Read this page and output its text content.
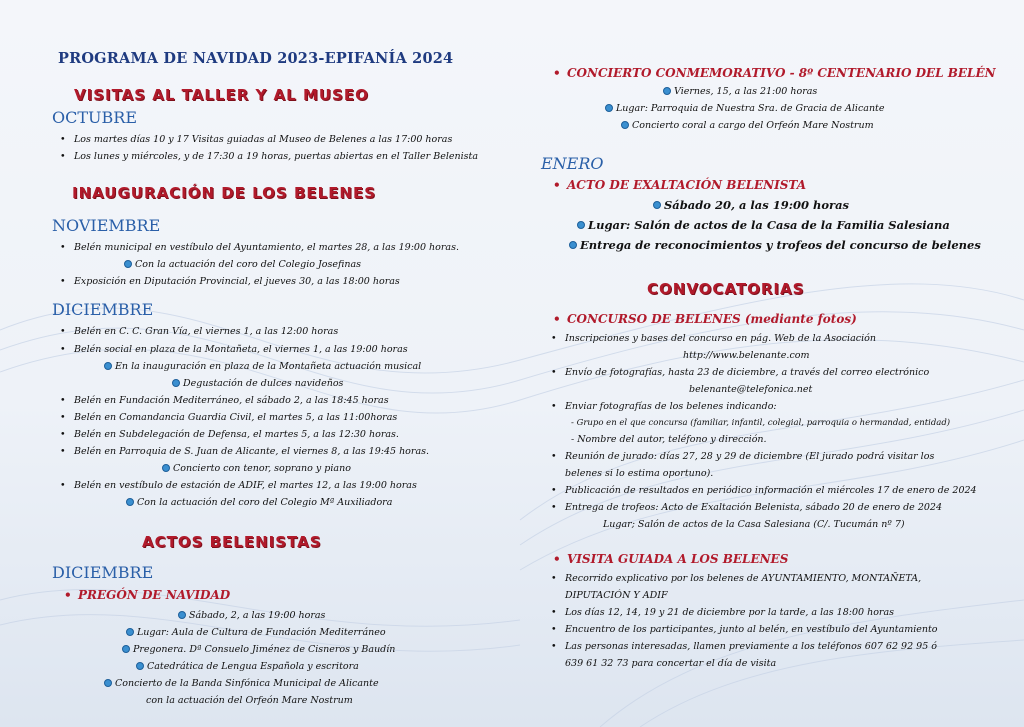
PROGRAMA DE NAVIDAD 2023-EPIFANÍA 2024
VISITAS AL TALLER Y AL MUSEO
OCTUBRE
• Los martes días 10 y 17 Visitas guiadas al Museo de Belenes a las 17:00 horas
• Los lunes y miércoles, y de 17:30 a 19 horas, puertas abiertas en el Taller Belenista
INAUGURACIÓN DE LOS BELENES
NOVIEMBRE
• Belén municipal en vestíbulo del Ayuntamiento, el martes 28, a las 19:00 horas.
Con la actuación del coro del Colegio Josefinas
• Exposición en Diputación Provincial, el jueves 30, a las 18:00 horas
DICIEMBRE
• Belén en C. C. Gran Vía, el viernes 1, a las 12:00 horas
• Belén social en plaza de la Montañeta, el viernes 1, a las 19:00 horas
En la inauguración en plaza de la Montañeta actuación musical
Degustación de dulces navideños
• Belén en Fundación Mediterráneo, el sábado 2, a las 18:45 horas
• Belén en Comandancia Guardia Civil, el martes 5, a las 11:00horas
• Belén en Subdelegación de Defensa, el martes 5, a las 12:30 horas.
• Belén en Parroquia de S. Juan de Alicante, el viernes 8, a las 19:45 horas.
Concierto con tenor, soprano y piano
• Belén en vestíbulo de estación de ADIF, el martes 12, a las 19:00 horas
Con la actuación del coro del Colegio Mª Auxiliadora
ACTOS BELENISTAS
DICIEMBRE
• PREGÓN DE NAVIDAD
Sábado, 2, a las 19:00 horas
Lugar: Aula de Cultura de Fundación Mediterráneo
Pregonera. Dª Consuelo Jiménez de Cisneros y Baudín
Catedrática de Lengua Española y escritora
Concierto de la Banda Sinfónica Municipal de Alicante
con la actuación del Orfeón Mare Nostrum
• CONCIERTO CONMEMORATIVO - 8º CENTENARIO DEL BELÉN
Viernes, 15, a las 21:00 horas
Lugar: Parroquia de Nuestra Sra. de Gracia de Alicante
Concierto coral a cargo del Orfeón Mare Nostrum
ENERO
• ACTO DE EXALTACIÓN BELENISTA
Sábado 20, a las 19:00 horas
Lugar: Salón de actos de la Casa de la Familia Salesiana
Entrega de reconocimientos y trofeos del concurso de belenes
CONVOCATORIAS
• CONCURSO DE BELENES (mediante fotos)
• Inscripciones y bases del concurso en pág. Web de la Asociación
http://www.belenante.com
• Envío de fotografías, hasta 23 de diciembre, a través del correo electrónico
belenante@telefonica.net
• Enviar fotografías de los belenes indicando:
- Grupo en el que concursa (familiar, infantil, colegial, parroquia o hermandad, entidad)
- Nombre del autor, teléfono y dirección.
• Reunión de jurado: días 27, 28 y 29 de diciembre (El jurado podrá visitar los
belenes si lo estima oportuno).
• Publicación de resultados en periódico información el miércoles 17 de enero de 2024
• Entrega de trofeos: Acto de Exaltación Belenista, sábado 20 de enero de 2024
Lugar; Salón de actos de la Casa Salesiana (C/. Tucumán nº 7)
• VISITA GUIADA A LOS BELENES
• Recorrido explicativo por los belenes de AYUNTAMIENTO, MONTAÑETA,
DIPUTACIÓN Y ADIF
• Los días 12, 14, 19 y 21 de diciembre por la tarde, a las 18:00 horas
• Encuentro de los participantes, junto al belén, en vestíbulo del Ayuntamiento
• Las personas interesadas, llamen previamente a los teléfonos 607 62 92 95 ó
639 61 32 73 para concertar el día de visita
